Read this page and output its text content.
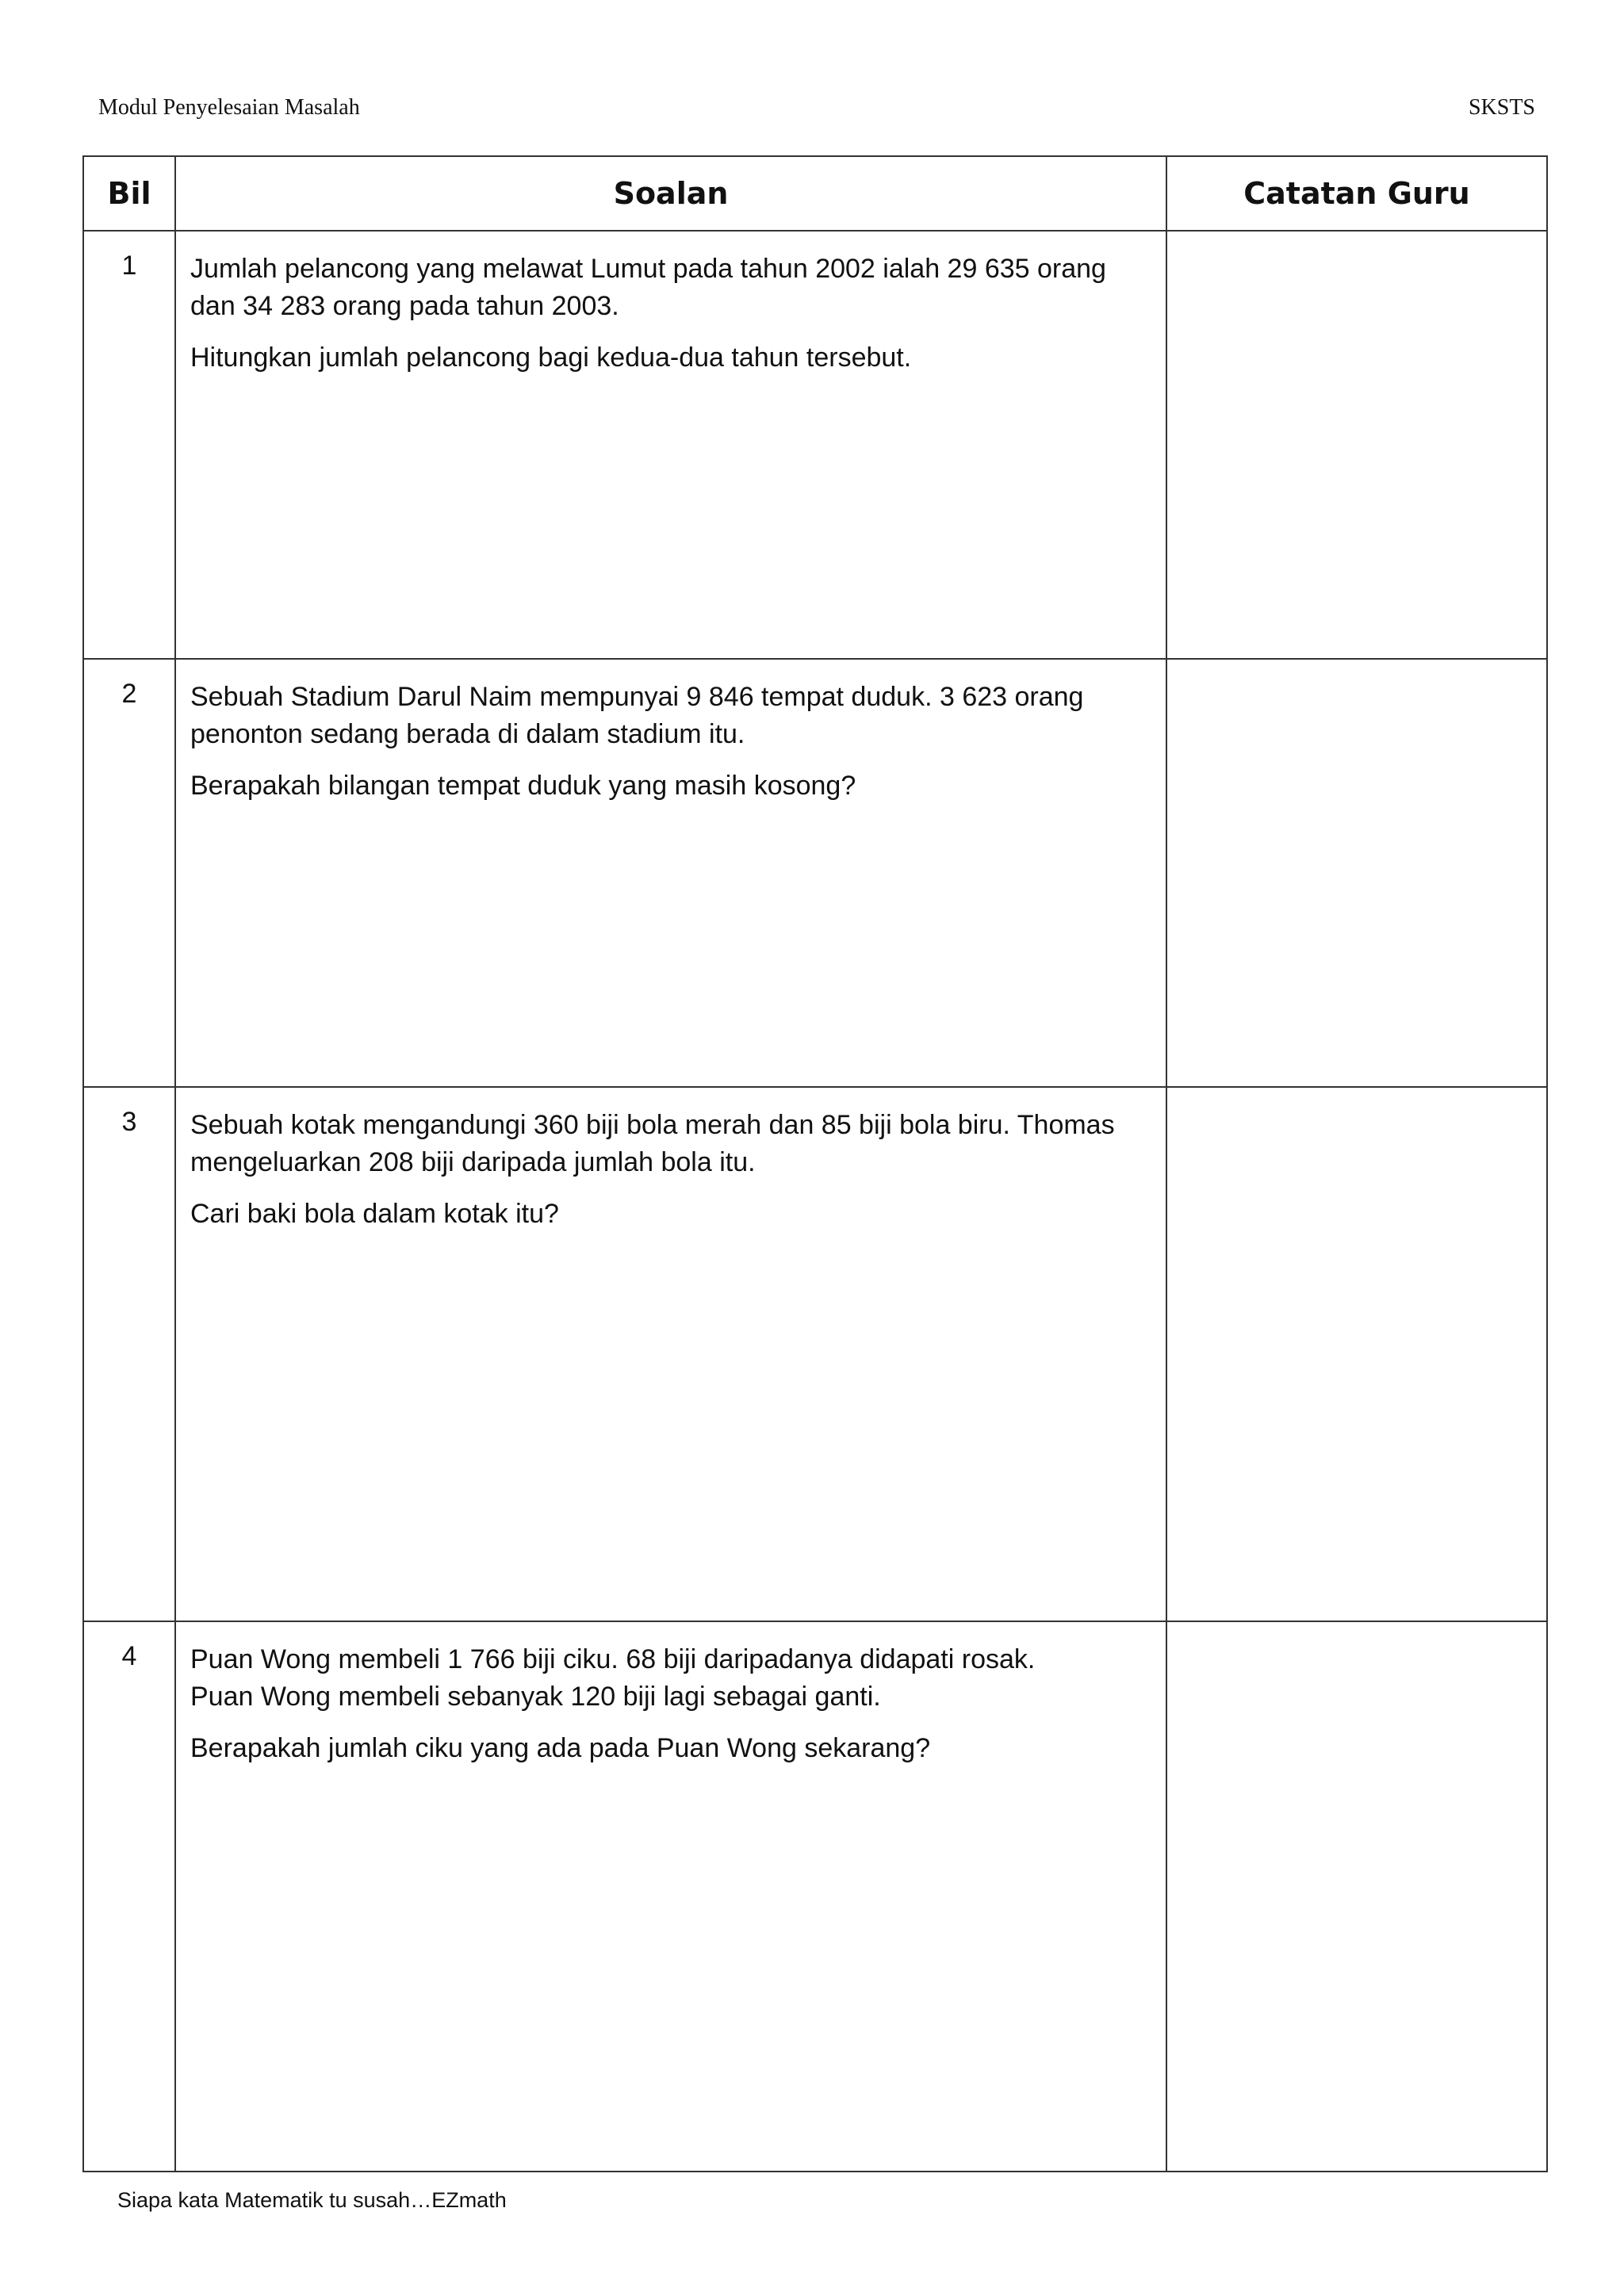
Modul Penyelesaian Masalah	SKSTS
Bil	Soalan	Catatan Guru
1	Jumlah pelancong yang melawat Lumut pada tahun 2002 ialah 29 635 orang
dan 34 283 orang pada tahun 2003.

Hitungkan jumlah pelancong bagi kedua-dua tahun tersebut.	

2	Sebuah Stadium Darul Naim mempunyai 9 846 tempat duduk. 3 623 orang
penonton sedang berada di dalam stadium itu.

Berapakah bilangan tempat duduk yang masih kosong?	

3	Sebuah kotak mengandungi 360 biji bola merah dan 85 biji bola biru. Thomas
mengeluarkan 208 biji daripada jumlah bola itu.

Cari baki bola dalam kotak itu?	

4	Puan Wong membeli 1 766 biji ciku. 68 biji daripadanya didapati rosak.
Puan Wong membeli sebanyak 120 biji lagi sebagai ganti.

Berapakah jumlah ciku yang ada pada Puan Wong sekarang?	

Siapa kata Matematik tu susah…EZmath
